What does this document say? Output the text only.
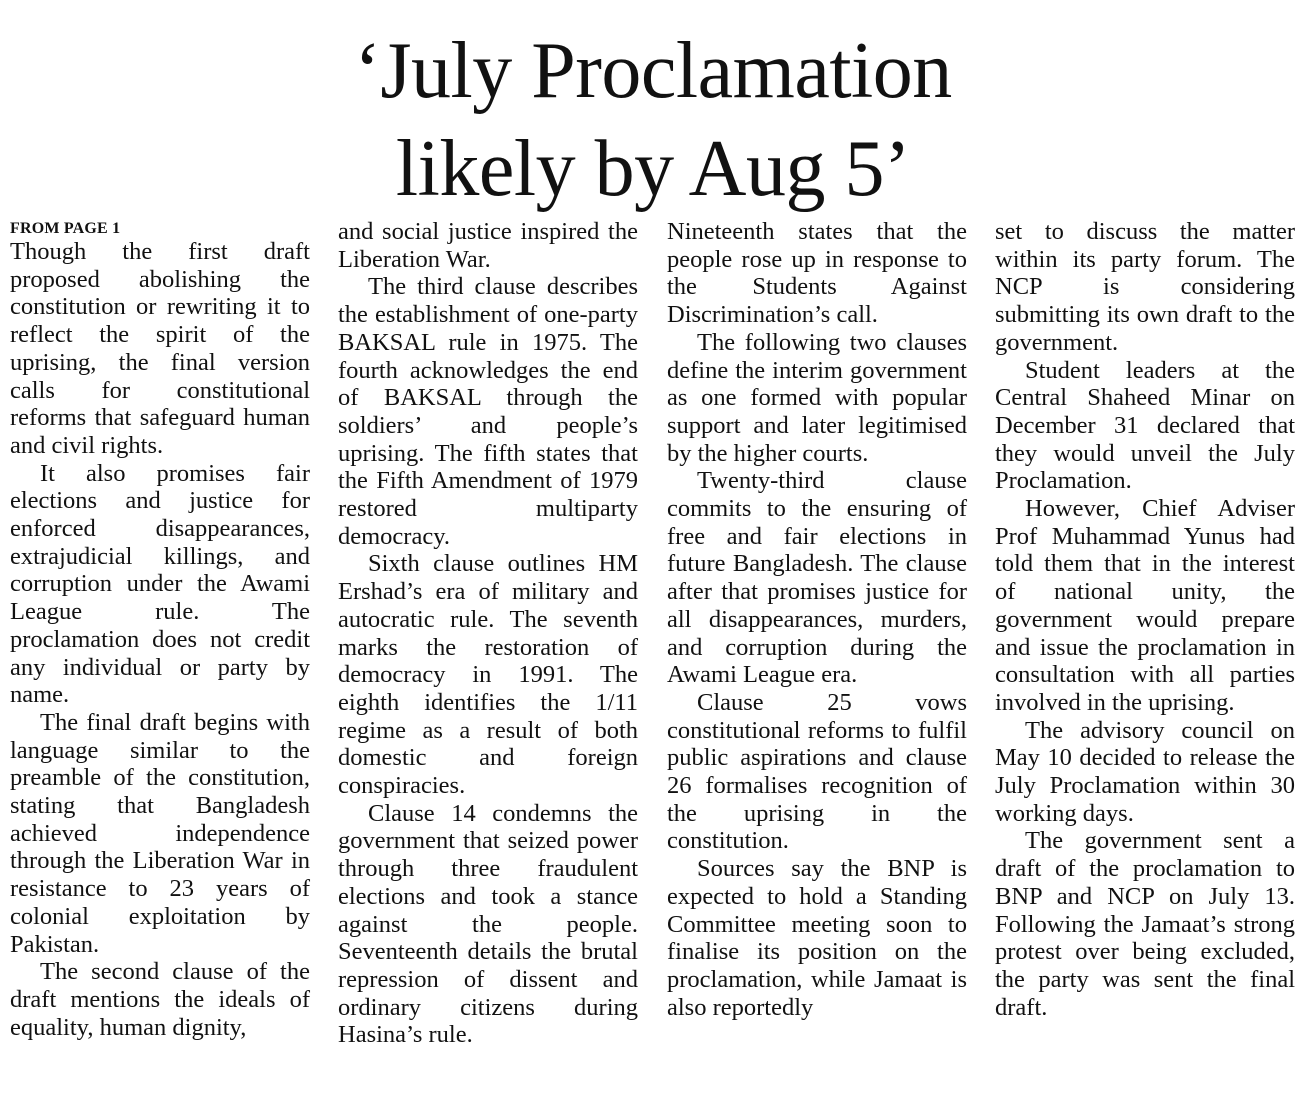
‘July Proclamation
likely by Aug 5’
FROM PAGE 1

Though the first draft proposed abolishing the constitution or rewriting it to reflect the spirit of the uprising, the final version calls for constitutional reforms that safeguard human and civil rights.

It also promises fair elections and justice for enforced disappearances, extrajudicial killings, and corruption under the Awami League rule. The proclamation does not credit any individual or party by name.

The final draft begins with language similar to the preamble of the constitution, stating that Bangladesh achieved independence through the Liberation War in resistance to 23 years of colonial exploitation by Pakistan.

The second clause of the draft mentions the ideals of equality, human dignity,

and social justice inspired the Liberation War.

The third clause describes the establishment of one-party BAKSAL rule in 1975. The fourth acknowledges the end of BAKSAL through the soldiers’ and people’s uprising. The fifth states that the Fifth Amendment of 1979 restored multiparty democracy.

Sixth clause outlines HM Ershad’s era of military and autocratic rule. The seventh marks the restoration of democracy in 1991. The eighth identifies the 1/11 regime as a result of both domestic and foreign conspiracies.

Clause 14 condemns the government that seized power through three fraudulent elections and took a stance against the people. Seventeenth details the brutal repression of dissent and ordinary citizens during Hasina’s rule.

Nineteenth states that the people rose up in response to the Students Against Discrimination’s call.

The following two clauses define the interim government as one formed with popular support and later legitimised by the higher courts.

Twenty-third clause commits to the ensuring of free and fair elections in future Bangladesh. The clause after that promises justice for all disappearances, murders, and corruption during the Awami League era.

Clause 25 vows constitutional reforms to fulfil public aspirations and clause 26 formalises recognition of the uprising in the constitution.

Sources say the BNP is expected to hold a Standing Committee meeting soon to finalise its position on the proclamation, while Jamaat is also reportedly

set to discuss the matter within its party forum. The NCP is considering submitting its own draft to the government.

Student leaders at the Central Shaheed Minar on December 31 declared that they would unveil the July Proclamation.

However, Chief Adviser Prof Muhammad Yunus had told them that in the interest of national unity, the government would prepare and issue the proclamation in consultation with all parties involved in the uprising.

The advisory council on May 10 decided to release the July Proclamation within 30 working days.

The government sent a draft of the proclamation to BNP and NCP on July 13. Following the Jamaat’s strong protest over being excluded, the party was sent the final draft.
